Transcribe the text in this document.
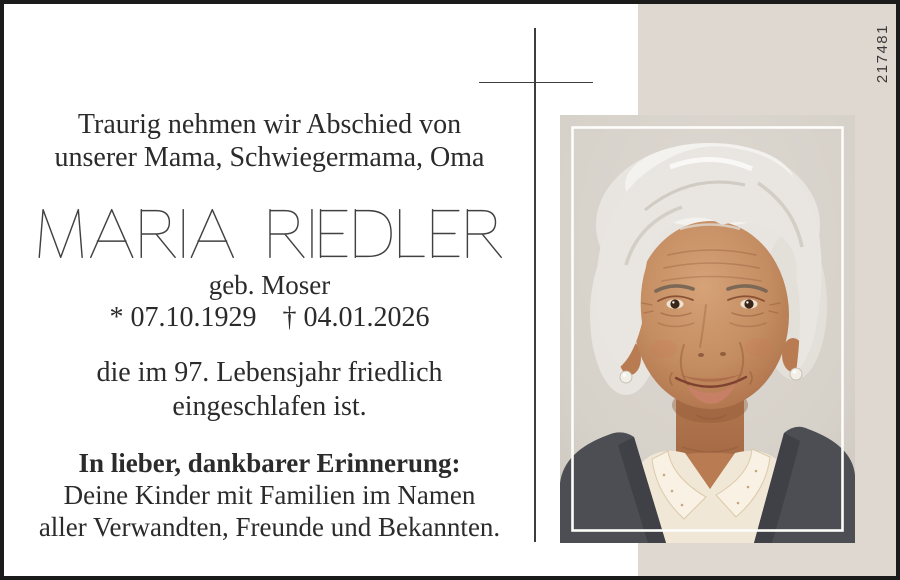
217481
Traurig nehmen wir Abschied von
unserer Mama, Schwiegermama, Oma
geb. Moser
* 07.10.1929 † 04.01.2026
die im 97. Lebensjahr friedlich
eingeschlafen ist.
In lieber, dankbarer Erinnerung:
Deine Kinder mit Familien im Namen
aller Verwandten, Freunde und Bekannten.
